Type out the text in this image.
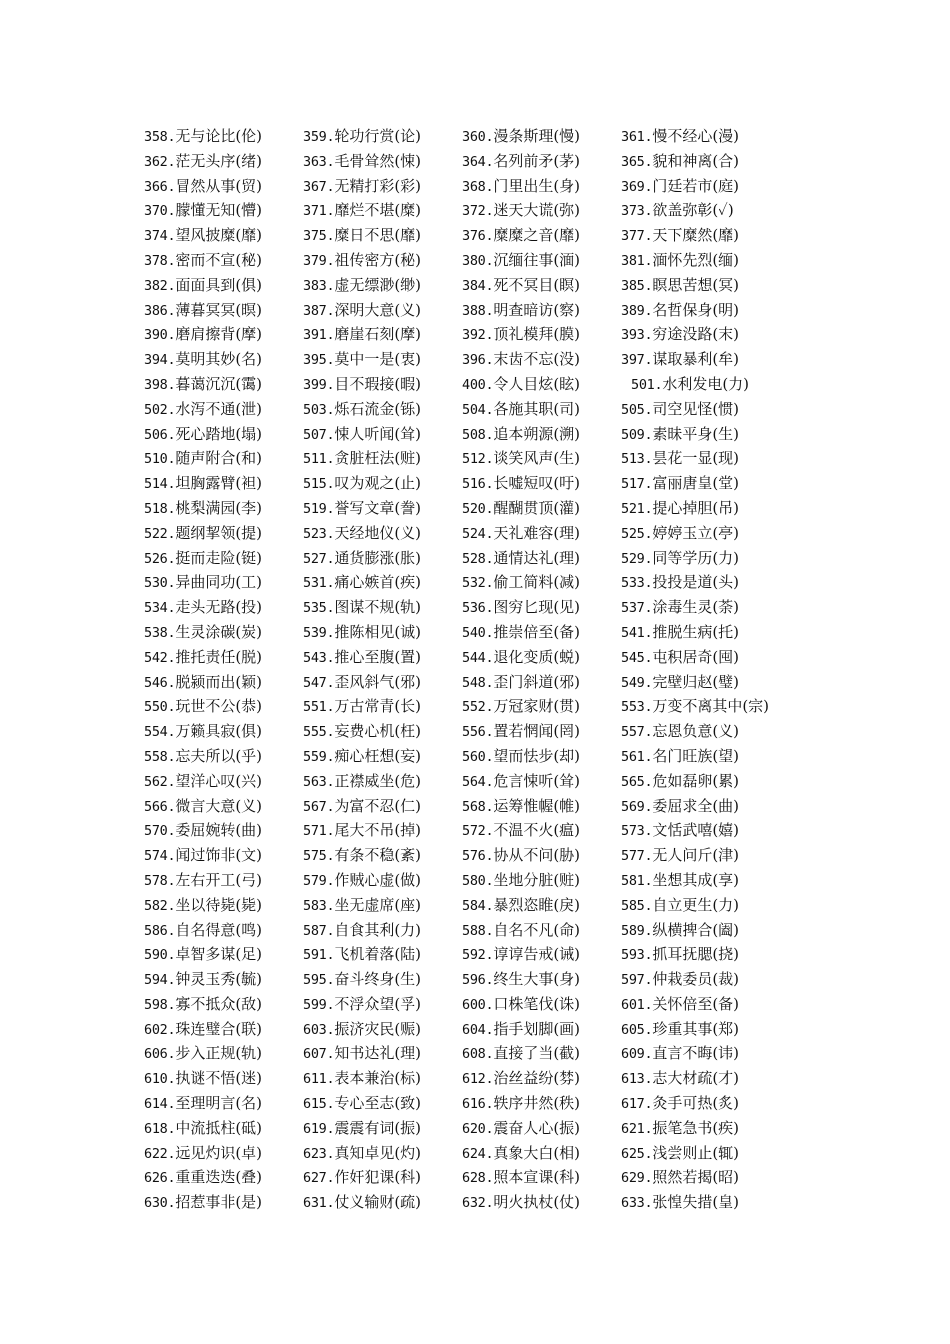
358.无与论比(伦)	359.轮功行赏(论)	360.漫条斯理(慢)	361.慢不经心(漫)
362.茫无头序(绪)	363.毛骨耸然(悚)	364.名列前矛(茅)	365.貌和神离(合)
366.冒然从事(贸)	367.无精打彩(彩)	368.门里出生(身)	369.门廷若市(庭)
370.朦懂无知(懵)	371.靡烂不堪(糜)	372.迷天大谎(弥)	373.欲盖弥彰(✓)
374.望风披糜(靡)	375.糜日不思(靡)	376.糜糜之音(靡)	377.天下糜然(靡)
378.密而不宣(秘)	379.祖传密方(秘)	380.沉缅往事(湎)	381.湎怀先烈(缅)
382.面面具到(俱)	383.虚无缥渺(缈)	384.死不冥目(瞑)	385.瞑思苦想(冥)
386.薄暮冥冥(暝)	387.深明大意(义)	388.明查暗访(察)	389.名哲保身(明)
390.磨肩擦背(摩)	391.磨崖石刻(摩)	392.顶礼模拜(膜)	393.穷途没路(末)
394.莫明其妙(名)	395.莫中一是(衷)	396.末齿不忘(没)	397.谋取暴利(牟)
398.暮蔼沉沉(霭)	399.目不瑕接(暇)	400.令人目炫(眩)	501.水利发电(力)
502.水泻不通(泄)	503.烁石流金(铄)	504.各施其职(司)	505.司空见怪(惯)
506.死心踏地(塌)	507.悚人听闻(耸)	508.追本朔源(溯)	509.素昧平身(生)
510.随声附合(和)	511.贪脏枉法(赃)	512.谈笑风声(生)	513.昙花一显(现)
514.坦胸露臂(袒)	515.叹为观之(止)	516.长嘘短叹(吁)	517.富丽唐皇(堂)
518.桃梨满园(李)	519.誉写文章(誊)	520.醒醐贯顶(灌)	521.提心掉胆(吊)
522.题纲挈领(提)	523.天经地仪(义)	524.天礼难容(理)	525.婷婷玉立(亭)
526.挺而走险(铤)	527.通货膨涨(胀)	528.通情达礼(理)	529.同等学历(力)
530.异曲同功(工)	531.痛心嫉首(疾)	532.偷工简料(减)	533.投投是道(头)
534.走头无路(投)	535.图谋不规(轨)	536.图穷匕现(见)	537.涂毒生灵(荼)
538.生灵涂碳(炭)	539.推陈相见(诚)	540.推崇倍至(备)	541.推脱生病(托)
542.推托责任(脱)	543.推心至腹(置)	544.退化变质(蜕)	545.屯积居奇(囤)
546.脱颍而出(颖)	547.歪风斜气(邪)	548.歪门斜道(邪)	549.完壁归赵(璧)
550.玩世不公(恭)	551.万古常青(长)	552.万冠家财(贯)	553.万变不离其中(宗)
554.万籁具寂(俱)	555.妄费心机(枉)	556.置若惘闻(罔)	557.忘恩负意(义)
558.忘夫所以(乎)	559.痴心枉想(妄)	560.望而怯步(却)	561.名门旺族(望)
562.望洋心叹(兴)	563.正襟威坐(危)	564.危言悚听(耸)	565.危如磊卵(累)
566.微言大意(义)	567.为富不忍(仁)	568.运筹惟幄(帷)	569.委屈求全(曲)
570.委屈婉转(曲)	571.尾大不吊(掉)	572.不温不火(瘟)	573.文恬武嘻(嬉)
574.闻过饰非(文)	575.有条不稳(紊)	576.协从不问(胁)	577.无人问斤(津)
578.左右开工(弓)	579.作贼心虚(做)	580.坐地分脏(赃)	581.坐想其成(享)
582.坐以待毙(毙)	583.坐无虚席(座)	584.暴烈恣睢(戾)	585.自立更生(力)
586.自名得意(鸣)	587.自食其利(力)	588.自名不凡(命)	589.纵横捭合(阖)
590.卓智多谋(足)	591.飞机着落(陆)	592.谆谆告戒(诫)	593.抓耳抚腮(挠)
594.钟灵玉秀(毓)	595.奋斗终身(生)	596.终生大事(身)	597.仲栽委员(裁)
598.寡不抵众(敌)	599.不浮众望(孚)	600.口株笔伐(诛)	601.关怀倍至(备)
602.珠连璧合(联)	603.振济灾民(赈)	604.指手划脚(画)	605.珍重其事(郑)
606.步入正规(轨)	607.知书达礼(理)	608.直接了当(截)	609.直言不晦(讳)
610.执谜不悟(迷)	611.表本兼治(标)	612.治丝益纷(棼)	613.志大材疏(才)
614.至理明言(名)	615.专心至志(致)	616.轶序井然(秩)	617.灸手可热(炙)
618.中流抵柱(砥)	619.震震有词(振)	620.震奋人心(振)	621.振笔急书(疾)
622.远见灼识(卓)	623.真知卓见(灼)	624.真象大白(相)	625.浅尝则止(辄)
626.重重迭迭(叠)	627.作奸犯课(科)	628.照本宣课(科)	629.照然若揭(昭)
630.招惹事非(是)	631.仗义输财(疏)	632.明火执杖(仗)	633.张惶失措(皇)
